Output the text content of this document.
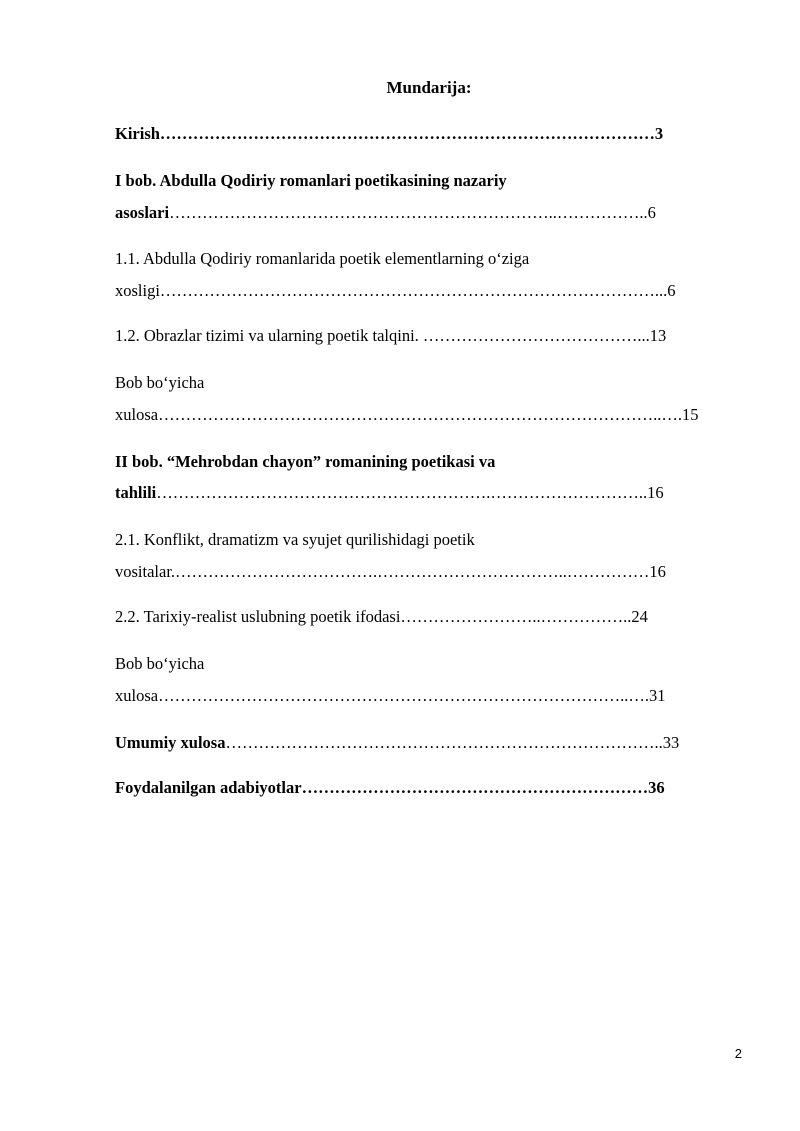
Mundarija:
Kirish………………………………………………………………………………3
I bob. Abdulla Qodiriy romanlari poetikasining nazariy
asoslari……………………………………………………………..……………..6
1.1. Abdulla Qodiriy romanlarida poetik elementlarning o‘ziga
xosligi………………………………………………………………………………...6
1.2. Obrazlar tizimi va ularning poetik talqini. …………………………………...13
Bob bo‘yicha
xulosa………………………………………………………………………………..….15
II bob. “Mehrobdan chayon” romanining poetikasi va
tahlili…………………………………………………….………………………..16
2.1. Konflikt, dramatizm va syujet qurilishidagi poetik
vositalar.……………………………….……………………………..……………16
2.2. Tarixiy-realist uslubning poetik ifodasi……………………..……………..24
Bob bo‘yicha
xulosa…………………………………………………………………………..….31
Umumiy xulosa……………………………………………………………………..33
Foydalanilgan adabiyotlar………………………………………………………36
2
